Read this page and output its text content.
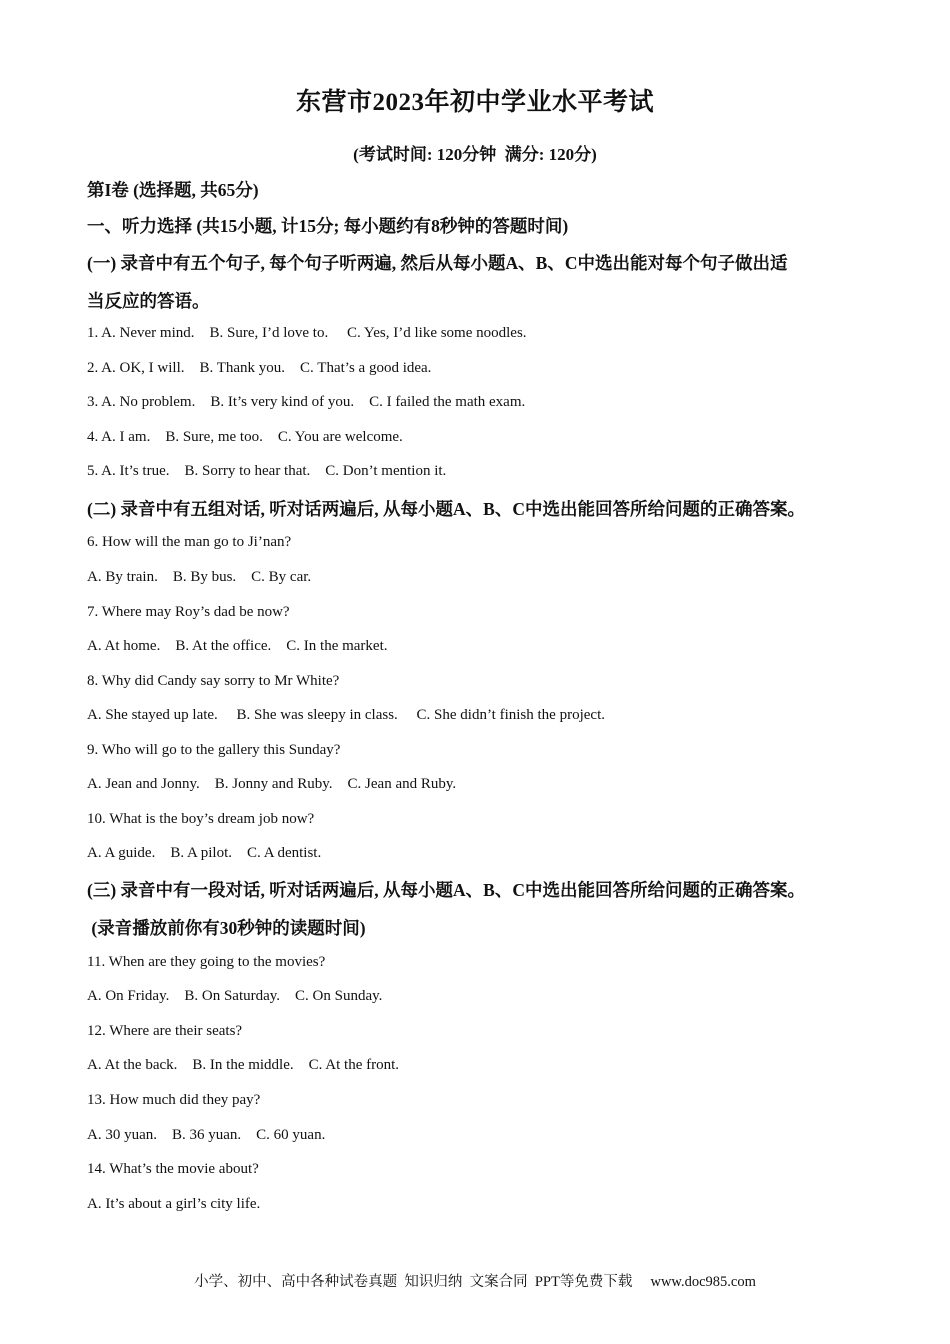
东营市2023年初中学业水平考试
(考试时间: 120分钟  满分: 120分)
第I卷 (选择题, 共65分)
一、听力选择 (共15小题, 计15分; 每小题约有8秒钟的答题时间)
(一) 录音中有五个句子, 每个句子听两遍, 然后从每小题A、B、C中选出能对每个句子做出适
当反应的答语。
1. A. Never mind.    B. Sure, I’d love to.     C. Yes, I’d like some noodles.
2. A. OK, I will.    B. Thank you.    C. That’s a good idea.
3. A. No problem.    B. It’s very kind of you.    C. I failed the math exam.
4. A. I am.    B. Sure, me too.    C. You are welcome.
5. A. It’s true.    B. Sorry to hear that.    C. Don’t mention it.
(二) 录音中有五组对话, 听对话两遍后, 从每小题A、B、C中选出能回答所给问题的正确答案。
6. How will the man go to Ji’nan?
A. By train.    B. By bus.    C. By car.
7. Where may Roy’s dad be now?
A. At home.    B. At the office.    C. In the market.
8. Why did Candy say sorry to Mr White?
A. She stayed up late.     B. She was sleepy in class.     C. She didn’t finish the project.
9. Who will go to the gallery this Sunday?
A. Jean and Jonny.    B. Jonny and Ruby.    C. Jean and Ruby.
10. What is the boy’s dream job now?
A. A guide.    B. A pilot.    C. A dentist.
(三) 录音中有一段对话, 听对话两遍后, 从每小题A、B、C中选出能回答所给问题的正确答案。
(录音播放前你有30秒钟的读题时间)
11. When are they going to the movies?
A. On Friday.    B. On Saturday.    C. On Sunday.
12. Where are their seats?
A. At the back.    B. In the middle.    C. At the front.
13. How much did they pay?
A. 30 yuan.    B. 36 yuan.    C. 60 yuan.
14. What’s the movie about?
A. It’s about a girl’s city life.
小学、初中、高中各种试卷真题  知识归纳  文案合同  PPT等免费下载     www.doc985.com
